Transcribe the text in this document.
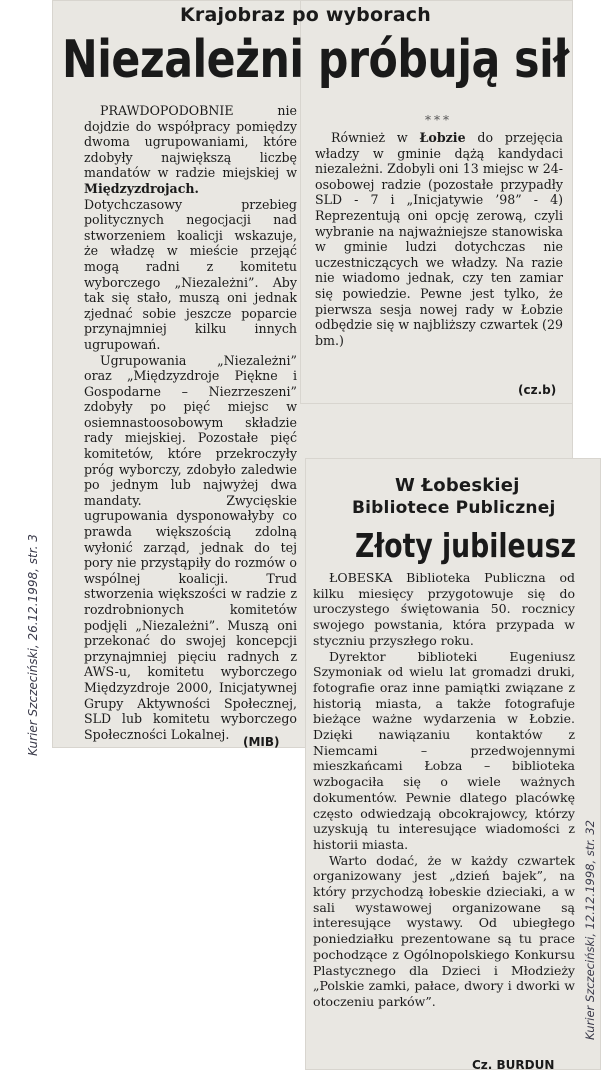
Krajobraz po wyborach
Niezależni próbują sił

PRAWDOPODOBNIE nie dojdzie do współpracy pomiędzy dwoma ugrupowaniami, które zdobyły największą liczbę mandatów w radzie miejskiej w Międzyzdrojach. Dotychczasowy przebieg politycznych negocjacji nad stworzeniem koalicji wskazuje, że władzę w mieście przejąć mogą radni z komitetu wyborczego „Niezależni”. Aby tak się stało, muszą oni jednak zjednać sobie jeszcze poparcie przynajmniej kilku innych ugrupowań.

Ugrupowania „Niezależni” oraz „Międzyzdroje Piękne i Gospodarne – Niezrzeszeni” zdobyły po pięć miejsc w osiemnastoosobowym składzie rady miejskiej. Pozostałe pięć komitetów, które przekroczyły próg wyborczy, zdobyło zaledwie po jednym lub najwyżej dwa mandaty. Zwycięskie ugrupowania dysponowałyby co prawda większością zdolną wyłonić zarząd, jednak do tej pory nie przystąpiły do rozmów o wspólnej koalicji. Trud stworzenia większości w radzie z rozdrobnionych komitetów podjęli „Niezależni”. Muszą oni przekonać do swojej koncepcji przynajmniej pięciu radnych z AWS-u, komitetu wyborczego Międzyzdroje 2000, Inicjatywnej Grupy Aktywności Społecznej, SLD lub komitetu wyborczego Społeczności Lokalnej.

(MIB)
***

Również w Łobzie do przejęcia władzy w gminie dążą kandydaci niezależni. Zdobyli oni 13 miejsc w 24-osobowej radzie (pozostałe przypadły SLD - 7 i „Inicjatywie ’98” - 4) Reprezentują oni opcję zerową, czyli wybranie na najważniejsze stanowiska w gminie ludzi dotychczas nie uczestniczących we władzy. Na razie nie wiadomo jednak, czy ten zamiar się powiedzie. Pewne jest tylko, że pierwsza sesja nowej rady w Łobzie odbędzie się w najbliższy czwartek (29 bm.)

(cz.b)
W Łobeskiej
Bibliotece Publicznej
Złoty jubileusz

ŁOBESKA Biblioteka Publiczna od kilku miesięcy przygotowuje się do uroczystego świętowania 50. rocznicy swojego powstania, która przypada w styczniu przyszłego roku.

Dyrektor biblioteki Eugeniusz Szymoniak od wielu lat gromadzi druki, fotografie oraz inne pamiątki związane z historią miasta, a także fotografuje bieżące ważne wydarzenia w Łobzie. Dzięki nawiązaniu kontaktów z Niemcami – przedwojennymi mieszkańcami Łobza – biblioteka wzbogaciła się o wiele ważnych dokumentów. Pewnie dlatego placówkę często odwiedzają obcokrajowcy, którzy uzyskują tu interesujące wiadomości z historii miasta.

Warto dodać, że w każdy czwartek organizowany jest „dzień bajek”, na który przychodzą łobeskie dzieciaki, a w sali wystawowej organizowane są interesujące wystawy. Od ubiegłego poniedziałku prezentowane są tu prace pochodzące z Ogólnopolskiego Konkursu Plastycznego dla Dzieci i Młodzieży „Polskie zamki, pałace, dwory i dworki w otoczeniu parków”.

Cz. BURDUN
Kurier Szczeciński, 26.12.1998, str. 3
Kurier Szczeciński, 12.12.1998, str. 32
